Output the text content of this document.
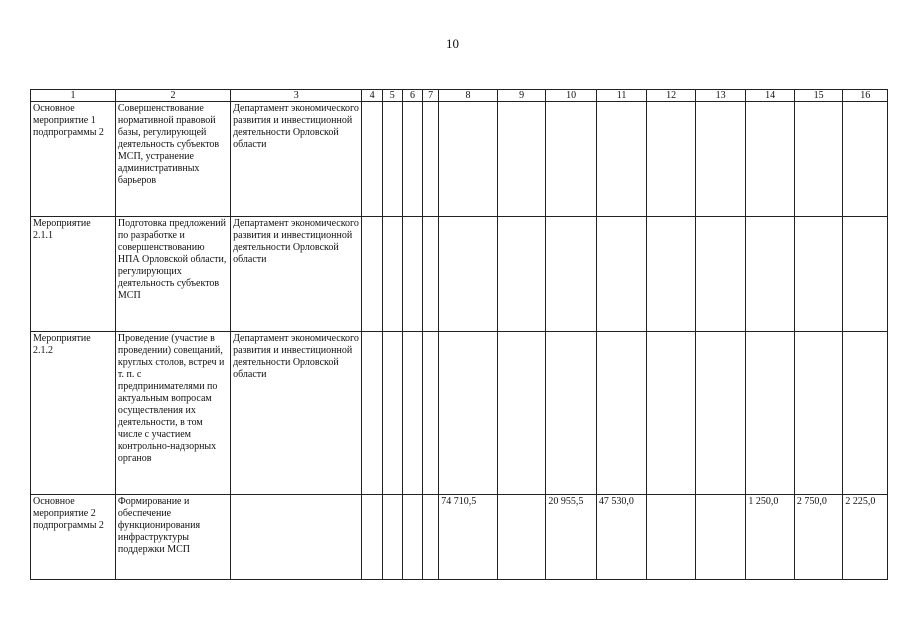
10
1	2	3	4	5	6	7	8	9	10	11	12	13	14	15	16
Основное мероприятие 1 подпрограммы 2	Совершенствование нормативной правовой базы, регулирующей деятельность субъектов МСП, устранение административных барьеров	Департамент экономического развития и инвестиционной деятельности Орловской области													
Мероприятие 2.1.1	Подготовка предложений по разработке и совершенствованию НПА Орловской области, регулирующих деятельность субъектов МСП	Департамент экономического развития и инвестиционной деятельности Орловской области													
Мероприятие 2.1.2	Проведение (участие в проведении) совещаний, круглых столов, встреч и т. п. с предпринимателями по актуальным вопросам осуществления их деятельности, в том числе с участием контрольно-надзорных органов	Департамент экономического развития и инвестиционной деятельности Орловской области													
Основное мероприятие 2 подпрограммы 2	Формирование и обеспечение функционирования инфраструктуры поддержки МСП						74 710,5		20 955,5	47 530,0			1 250,0	2 750,0	2 225,0
